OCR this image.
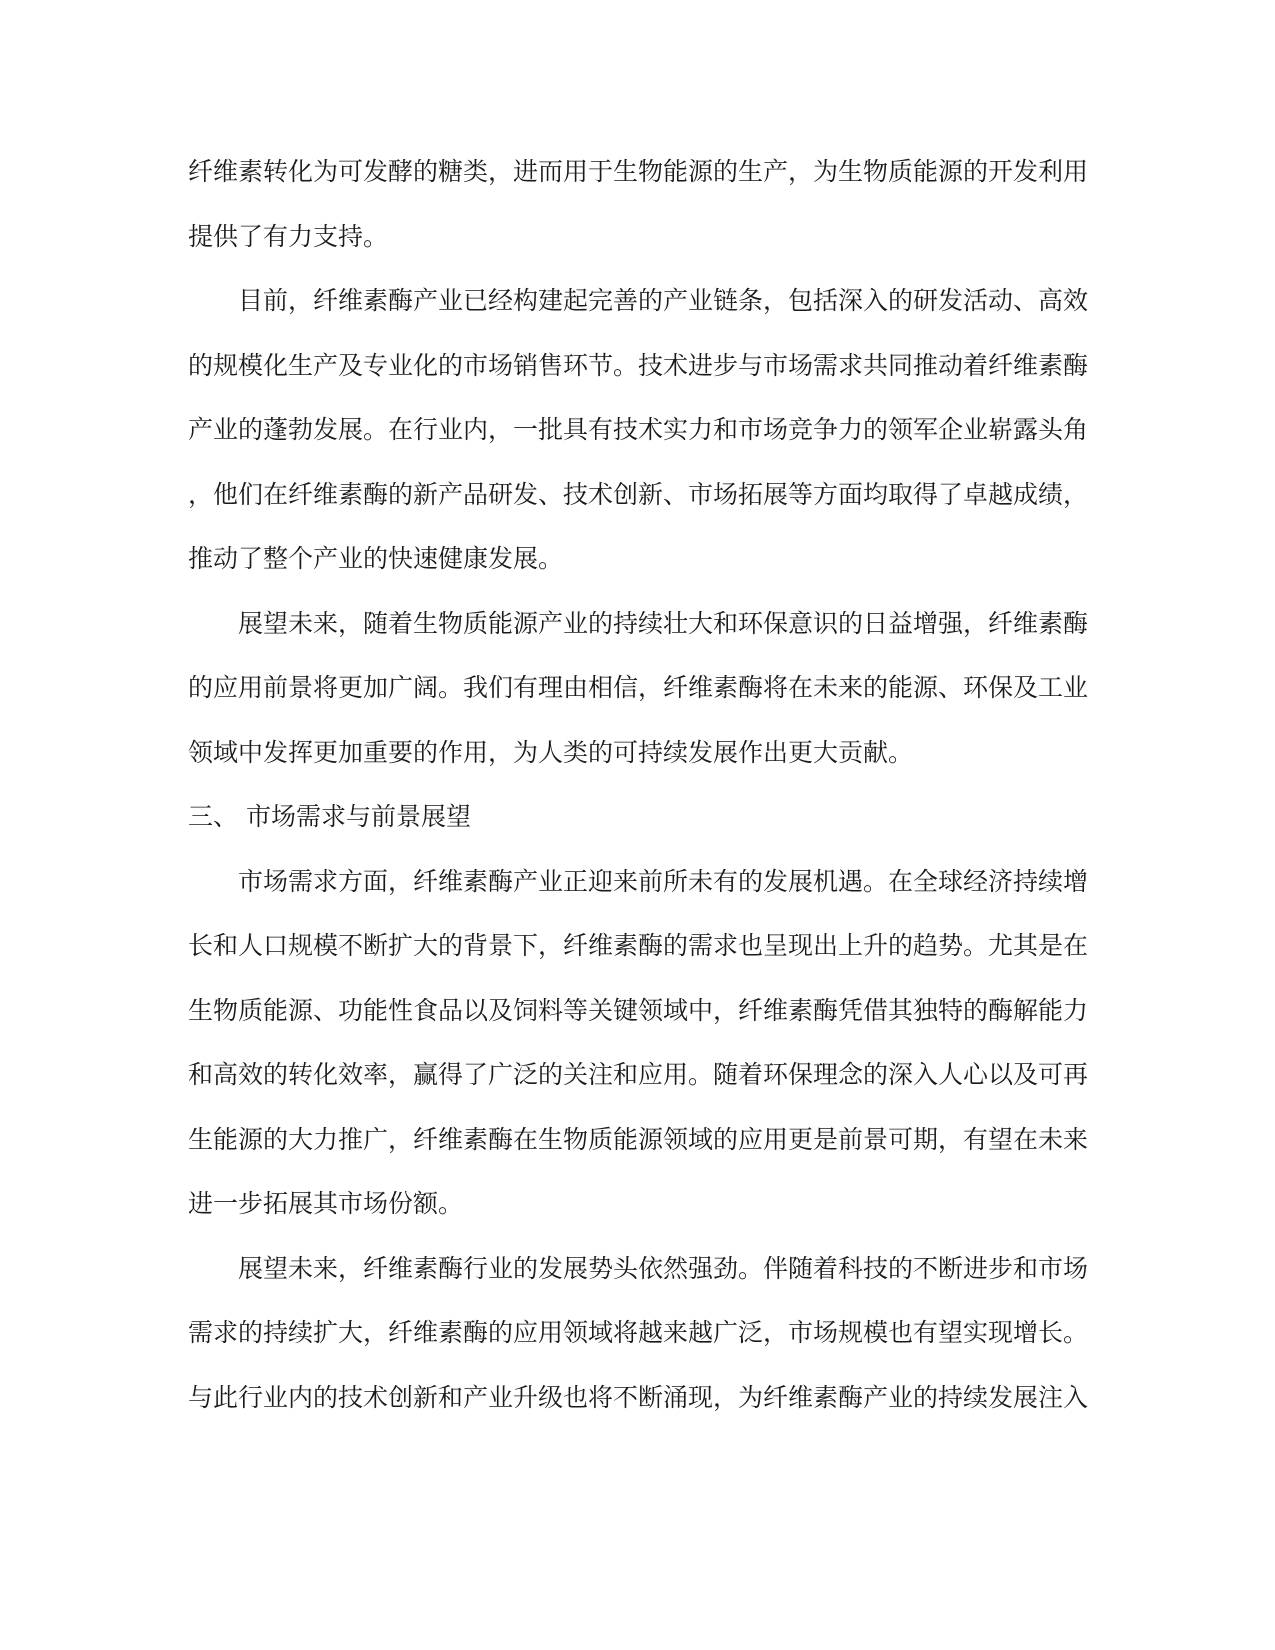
纤维素转化为可发酵的糖类，进而用于生物能源的生产，为生物质能源的开发利用
提供了有力支持。
目前，纤维素酶产业已经构建起完善的产业链条，包括深入的研发活动、高效
的规模化生产及专业化的市场销售环节。技术进步与市场需求共同推动着纤维素酶
产业的蓬勃发展。在行业内，一批具有技术实力和市场竞争力的领军企业崭露头角
，他们在纤维素酶的新产品研发、技术创新、市场拓展等方面均取得了卓越成绩，
推动了整个产业的快速健康发展。
展望未来，随着生物质能源产业的持续壮大和环保意识的日益增强，纤维素酶
的应用前景将更加广阔。我们有理由相信，纤维素酶将在未来的能源、环保及工业
领域中发挥更加重要的作用，为人类的可持续发展作出更大贡献。
三、 市场需求与前景展望
市场需求方面，纤维素酶产业正迎来前所未有的发展机遇。在全球经济持续增
长和人口规模不断扩大的背景下，纤维素酶的需求也呈现出上升的趋势。尤其是在
生物质能源、功能性食品以及饲料等关键领域中，纤维素酶凭借其独特的酶解能力
和高效的转化效率，赢得了广泛的关注和应用。随着环保理念的深入人心以及可再
生能源的大力推广，纤维素酶在生物质能源领域的应用更是前景可期，有望在未来
进一步拓展其市场份额。
展望未来，纤维素酶行业的发展势头依然强劲。伴随着科技的不断进步和市场
需求的持续扩大，纤维素酶的应用领域将越来越广泛，市场规模也有望实现增长。
与此行业内的技术创新和产业升级也将不断涌现，为纤维素酶产业的持续发展注入
